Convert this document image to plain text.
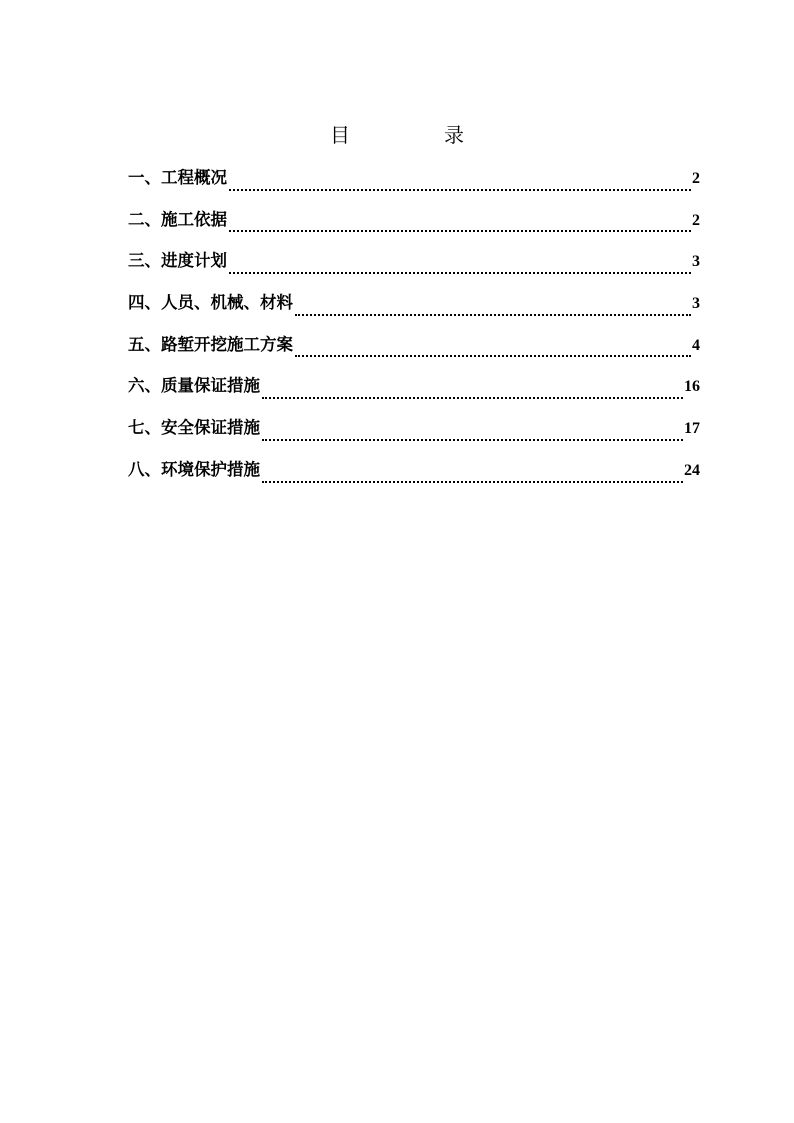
目	录
一、工程概况	2
二、施工依据	2
三、进度计划	3
四、人员、机械、材料	3
五、路堑开挖施工方案	4
六、质量保证措施	16
七、安全保证措施	17
八、环境保护措施	24
